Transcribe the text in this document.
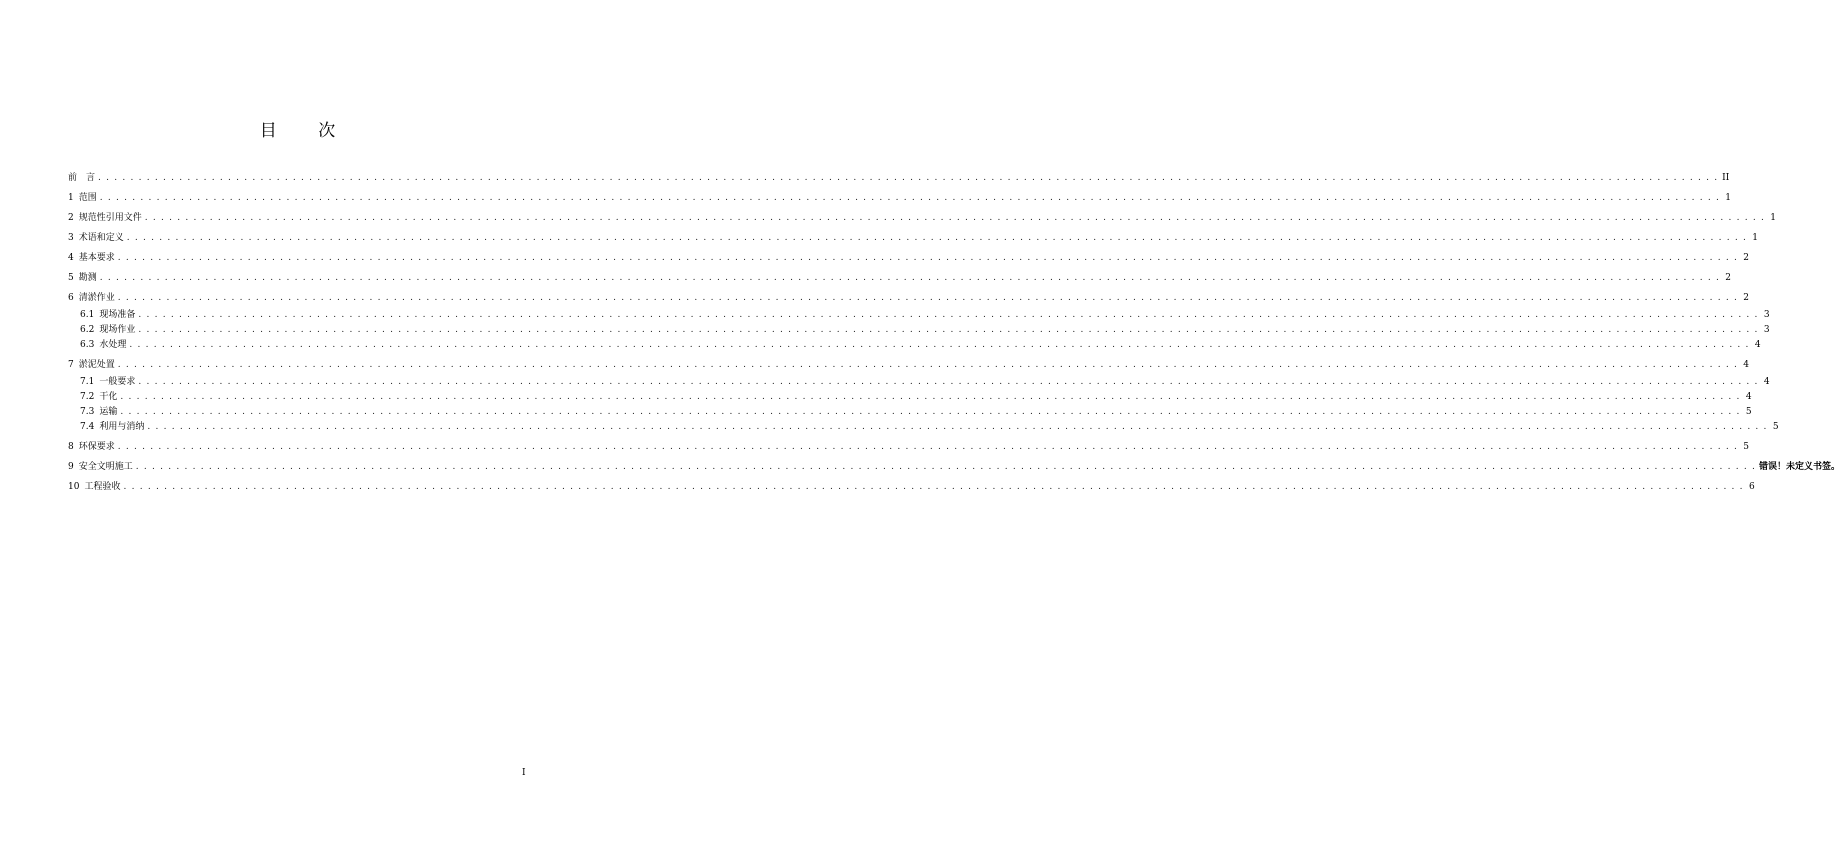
目 次
前　言 . . . . . . . . . . . . . . . . . . . . . . . . . . . . . . . . . . . . . . . . . . . . . . . . . . . . . . . . . . . . . . . . . . . . . . . . . . . . . . . . . . . . . . . . . . . . . . . . . . . . . . . . . . . . . . . . . . . . . . . . . . . . . . . . . . . . . . . . . . . . . . . . . . . . . . . . . . . . . . . . . . . . . . . . . . . . . . . . . . . . . . . . . . . . . . . . . . . . . . . . II
1 范围 . . . . . . . . . . . . . . . . . . . . . . . . . . . . . . . . . . . . . . . . . . . . . . . . . . . . . . . . . . . . . . . . . . . . . . . . . . . . . . . . . . . . . . . . . . . . . . . . . . . . . . . . . . . . . . . . . . . . . . . . . . . . . . . . . . . . . . . . . . . . . . . . . . . . . . . . . . . . . . . . . . . . . . . . . . . . . . . . . . . . . . . . . . . . . . . . . . . . . . . . 1
2 规范性引用文件 . . . . . . . . . . . . . . . . . . . . . . . . . . . . . . . . . . . . . . . . . . . . . . . . . . . . . . . . . . . . . . . . . . . . . . . . . . . . . . . . . . . . . . . . . . . . . . . . . . . . . . . . . . . . . . . . . . . . . . . . . . . . . . . . . . . . . . . . . . . . . . . . . . . . . . . . . . . . . . . . . . . . . . . . . . . . . . . . . . . . . . . . . . . . . . . . . . . . . . . . 1
3 术语和定义 . . . . . . . . . . . . . . . . . . . . . . . . . . . . . . . . . . . . . . . . . . . . . . . . . . . . . . . . . . . . . . . . . . . . . . . . . . . . . . . . . . . . . . . . . . . . . . . . . . . . . . . . . . . . . . . . . . . . . . . . . . . . . . . . . . . . . . . . . . . . . . . . . . . . . . . . . . . . . . . . . . . . . . . . . . . . . . . . . . . . . . . . . . . . . . . . . . . . . . . . 1
4 基本要求 . . . . . . . . . . . . . . . . . . . . . . . . . . . . . . . . . . . . . . . . . . . . . . . . . . . . . . . . . . . . . . . . . . . . . . . . . . . . . . . . . . . . . . . . . . . . . . . . . . . . . . . . . . . . . . . . . . . . . . . . . . . . . . . . . . . . . . . . . . . . . . . . . . . . . . . . . . . . . . . . . . . . . . . . . . . . . . . . . . . . . . . . . . . . . . . . . . . . . . . . 2
5 勘测 . . . . . . . . . . . . . . . . . . . . . . . . . . . . . . . . . . . . . . . . . . . . . . . . . . . . . . . . . . . . . . . . . . . . . . . . . . . . . . . . . . . . . . . . . . . . . . . . . . . . . . . . . . . . . . . . . . . . . . . . . . . . . . . . . . . . . . . . . . . . . . . . . . . . . . . . . . . . . . . . . . . . . . . . . . . . . . . . . . . . . . . . . . . . . . . . . . . . . . . . 2
6 清淤作业 . . . . . . . . . . . . . . . . . . . . . . . . . . . . . . . . . . . . . . . . . . . . . . . . . . . . . . . . . . . . . . . . . . . . . . . . . . . . . . . . . . . . . . . . . . . . . . . . . . . . . . . . . . . . . . . . . . . . . . . . . . . . . . . . . . . . . . . . . . . . . . . . . . . . . . . . . . . . . . . . . . . . . . . . . . . . . . . . . . . . . . . . . . . . . . . . . . . . . . . . 2
6.1 现场准备 . . . . . . . . . . . . . . . . . . . . . . . . . . . . . . . . . . . . . . . . . . . . . . . . . . . . . . . . . . . . . . . . . . . . . . . . . . . . . . . . . . . . . . . . . . . . . . . . . . . . . . . . . . . . . . . . . . . . . . . . . . . . . . . . . . . . . . . . . . . . . . . . . . . . . . . . . . . . . . . . . . . . . . . . . . . . . . . . . . . . . . . . . . . . . . . . . . . . . . . . 3
6.2 现场作业 . . . . . . . . . . . . . . . . . . . . . . . . . . . . . . . . . . . . . . . . . . . . . . . . . . . . . . . . . . . . . . . . . . . . . . . . . . . . . . . . . . . . . . . . . . . . . . . . . . . . . . . . . . . . . . . . . . . . . . . . . . . . . . . . . . . . . . . . . . . . . . . . . . . . . . . . . . . . . . . . . . . . . . . . . . . . . . . . . . . . . . . . . . . . . . . . . . . . . . . . 3
6.3 水处理 . . . . . . . . . . . . . . . . . . . . . . . . . . . . . . . . . . . . . . . . . . . . . . . . . . . . . . . . . . . . . . . . . . . . . . . . . . . . . . . . . . . . . . . . . . . . . . . . . . . . . . . . . . . . . . . . . . . . . . . . . . . . . . . . . . . . . . . . . . . . . . . . . . . . . . . . . . . . . . . . . . . . . . . . . . . . . . . . . . . . . . . . . . . . . . . . . . . . . . . . 4
7 淤泥处置 . . . . . . . . . . . . . . . . . . . . . . . . . . . . . . . . . . . . . . . . . . . . . . . . . . . . . . . . . . . . . . . . . . . . . . . . . . . . . . . . . . . . . . . . . . . . . . . . . . . . . . . . . . . . . . . . . . . . . . . . . . . . . . . . . . . . . . . . . . . . . . . . . . . . . . . . . . . . . . . . . . . . . . . . . . . . . . . . . . . . . . . . . . . . . . . . . . . . . . . . 4
7.1 一般要求 . . . . . . . . . . . . . . . . . . . . . . . . . . . . . . . . . . . . . . . . . . . . . . . . . . . . . . . . . . . . . . . . . . . . . . . . . . . . . . . . . . . . . . . . . . . . . . . . . . . . . . . . . . . . . . . . . . . . . . . . . . . . . . . . . . . . . . . . . . . . . . . . . . . . . . . . . . . . . . . . . . . . . . . . . . . . . . . . . . . . . . . . . . . . . . . . . . . . . . . . 4
7.2 干化 . . . . . . . . . . . . . . . . . . . . . . . . . . . . . . . . . . . . . . . . . . . . . . . . . . . . . . . . . . . . . . . . . . . . . . . . . . . . . . . . . . . . . . . . . . . . . . . . . . . . . . . . . . . . . . . . . . . . . . . . . . . . . . . . . . . . . . . . . . . . . . . . . . . . . . . . . . . . . . . . . . . . . . . . . . . . . . . . . . . . . . . . . . . . . . . . . . . . . . . . 4
7.3 运输 . . . . . . . . . . . . . . . . . . . . . . . . . . . . . . . . . . . . . . . . . . . . . . . . . . . . . . . . . . . . . . . . . . . . . . . . . . . . . . . . . . . . . . . . . . . . . . . . . . . . . . . . . . . . . . . . . . . . . . . . . . . . . . . . . . . . . . . . . . . . . . . . . . . . . . . . . . . . . . . . . . . . . . . . . . . . . . . . . . . . . . . . . . . . . . . . . . . . . . . . 5
7.4 利用与消纳 . . . . . . . . . . . . . . . . . . . . . . . . . . . . . . . . . . . . . . . . . . . . . . . . . . . . . . . . . . . . . . . . . . . . . . . . . . . . . . . . . . . . . . . . . . . . . . . . . . . . . . . . . . . . . . . . . . . . . . . . . . . . . . . . . . . . . . . . . . . . . . . . . . . . . . . . . . . . . . . . . . . . . . . . . . . . . . . . . . . . . . . . . . . . . . . . . . . . . . . . 5
8 环保要求 . . . . . . . . . . . . . . . . . . . . . . . . . . . . . . . . . . . . . . . . . . . . . . . . . . . . . . . . . . . . . . . . . . . . . . . . . . . . . . . . . . . . . . . . . . . . . . . . . . . . . . . . . . . . . . . . . . . . . . . . . . . . . . . . . . . . . . . . . . . . . . . . . . . . . . . . . . . . . . . . . . . . . . . . . . . . . . . . . . . . . . . . . . . . . . . . . . . . . . . . 5
9 安全文明施工 . . . . . . . . . . . . . . . . . . . . . . . . . . . . . . . . . . . . . . . . . . . . . . . . . . . . . . . . . . . . . . . . . . . . . . . . . . . . . . . . . . . . . . . . . . . . . . . . . . . . . . . . . . . . . . . . . . . . . . . . . . . . . . . . . . . . . . . . . . . . . . . . . . . . . . . . . . . . . . . . . . . . . . . . . . . . . . . . . . . . . . . . . . . . . . . . . . . . . . . . 错误！未定义书签。
10 工程验收 . . . . . . . . . . . . . . . . . . . . . . . . . . . . . . . . . . . . . . . . . . . . . . . . . . . . . . . . . . . . . . . . . . . . . . . . . . . . . . . . . . . . . . . . . . . . . . . . . . . . . . . . . . . . . . . . . . . . . . . . . . . . . . . . . . . . . . . . . . . . . . . . . . . . . . . . . . . . . . . . . . . . . . . . . . . . . . . . . . . . . . . . . . . . . . . . . . . . . . . . 6
I
